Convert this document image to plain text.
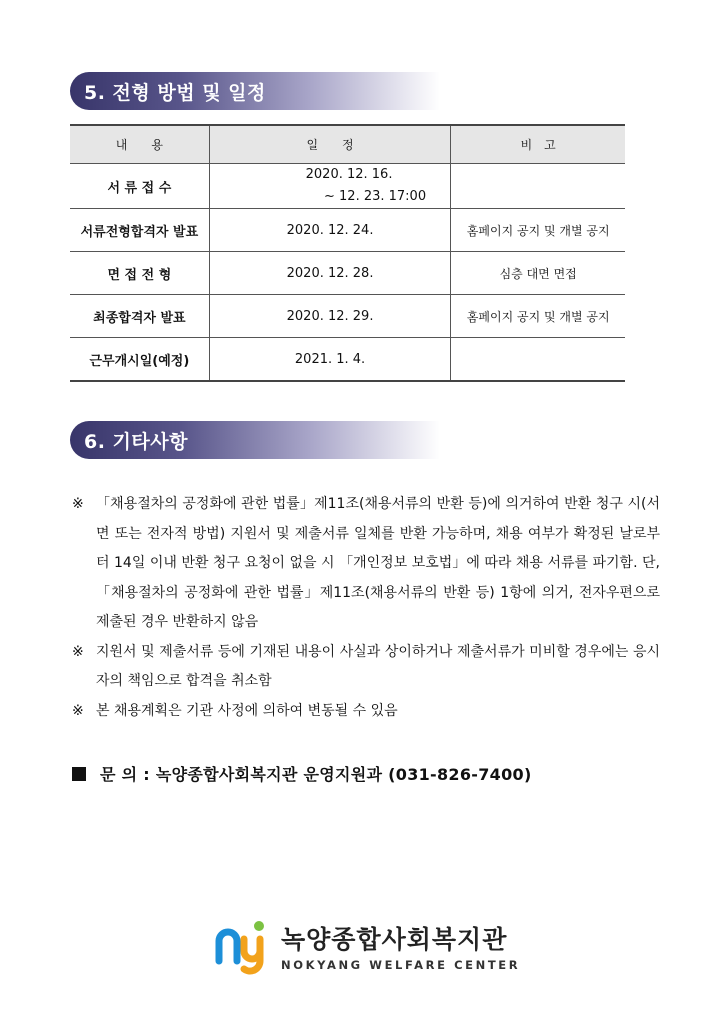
5. 전형 방법 및 일정
내　　용	일　　정	비　고
서 류 접 수	2020. 12. 16.
~ 12. 23. 17:00	

서류전형합격자 발표	2020. 12. 24.	홈페이지 공지 및 개별 공지
면 접 전 형	2020. 12. 28.	심층 대면 면접
최종합격자 발표	2020. 12. 29.	홈페이지 공지 및 개별 공지
근무개시일(예정)	2021. 1. 4.	
6. 기타사항
※ 「채용절차의 공정화에 관한 법률」제11조(채용서류의 반환 등)에 의거하여 반환 청구 시(서면 또는 전자적 방법) 지원서 및 제출서류 일체를 반환 가능하며, 채용 여부가 확정된 날로부터 14일 이내 반환 청구 요청이 없을 시 「개인정보 보호법」에 따라 채용 서류를 파기함. 단, 「채용절차의 공정화에 관한 법률」제11조(채용서류의 반환 등) 1항에 의거, 전자우편으로 제출된 경우 반환하지 않음
※ 지원서 및 제출서류 등에 기재된 내용이 사실과 상이하거나 제출서류가 미비할 경우에는 응시자의 책임으로 합격을 취소함
※ 본 채용계획은 기관 사정에 의하여 변동될 수 있음
문 의 : 녹양종합사회복지관 운영지원과 (031-826-7400)
녹양종합사회복지관
NOKYANG WELFARE CENTER
